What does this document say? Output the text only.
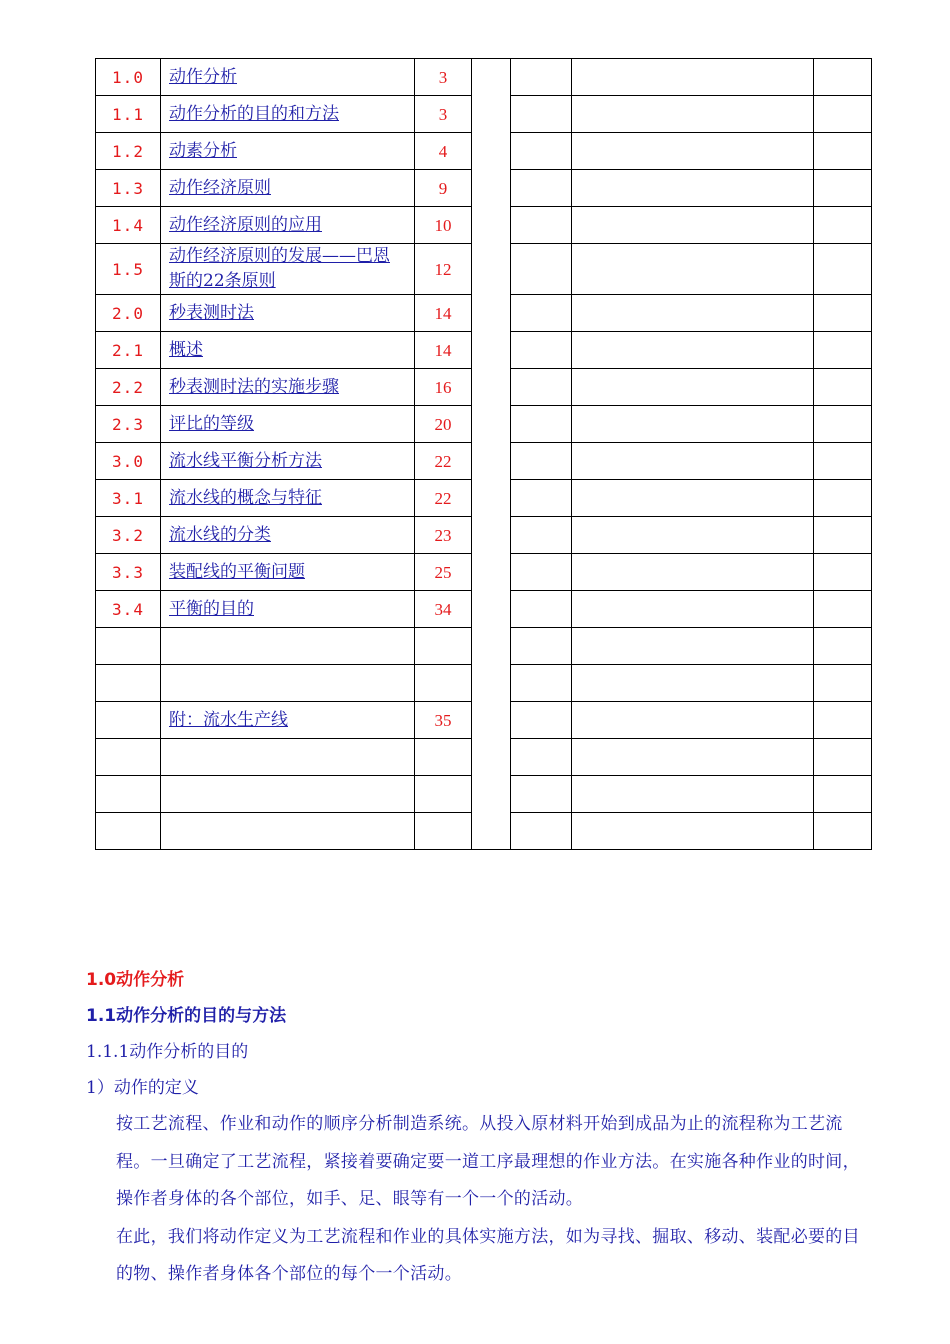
1.0	动作分析	3				
1.1	动作分析的目的和方法	3				
1.2	动素分析	4				
1.3	动作经济原则	9				
1.4	动作经济原则的应用	10				
1.5	动作经济原则的发展——巴恩斯的22条原则	12				
2.0	秒表测时法	14				
2.1	概述	14				
2.2	秒表测时法的实施步骤	16				
2.3	评比的等级	20				
3.0	流水线平衡分析方法	22				
3.1	流水线的概念与特征	22				
3.2	流水线的分类	23				
3.3	装配线的平衡问题	25				
3.4	平衡的目的	34				

	附：流水生产线	35				

1.0动作分析
1.1动作分析的目的与方法
1.1.1动作分析的目的
1）动作的定义
按工艺流程、作业和动作的顺序分析制造系统。从投入原材料开始到成品为止的流程称为工艺流程。一旦确定了工艺流程，紧接着要确定要一道工序最理想的作业方法。在实施各种作业的时间，操作者身体的各个部位，如手、足、眼等有一个一个的活动。
在此，我们将动作定义为工艺流程和作业的具体实施方法，如为寻找、掘取、移动、装配必要的目的物、操作者身体各个部位的每个一个活动。
